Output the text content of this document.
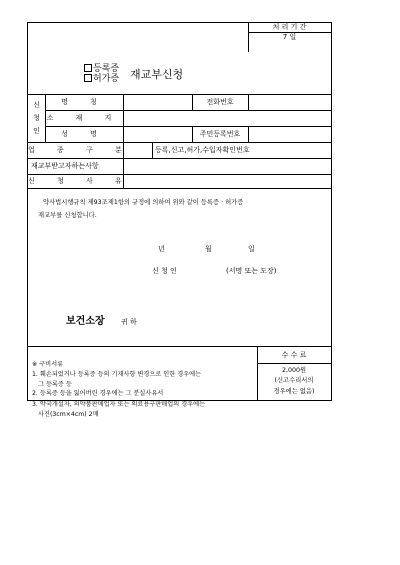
등록증
허가증 재교부신청
처 리 기 간
7 일
신
청
인
명 칭	전화번호
소 재 지
성 명	주민등록번호
업 종 구 분	등록,신고,허가,수입자확인번호
재교부받고자하는사항
신 청 사 유
약사법시행규칙 제93조제1항의 규정에 의하여 위와 같이 등록증 · 허가증
재교부를 신청합니다.
년	월	일
신 청 인	(서명 또는 도장)
보건소장 귀 하
※ 구비서류
1. 훼손되었거나 등록증 등의 기재사항 변경으로 인한 경우에는
그 등록증 등
2. 등록증 등을 잃어버린 경우에는 그 분실사유서
3. 약국개설자, 의약품판매업자 또는 의료용구판매업의 경우에는
사진(3cm×4cm) 2매
수 수 료
2,000원
(신고수리서의
경우에는 없음)
